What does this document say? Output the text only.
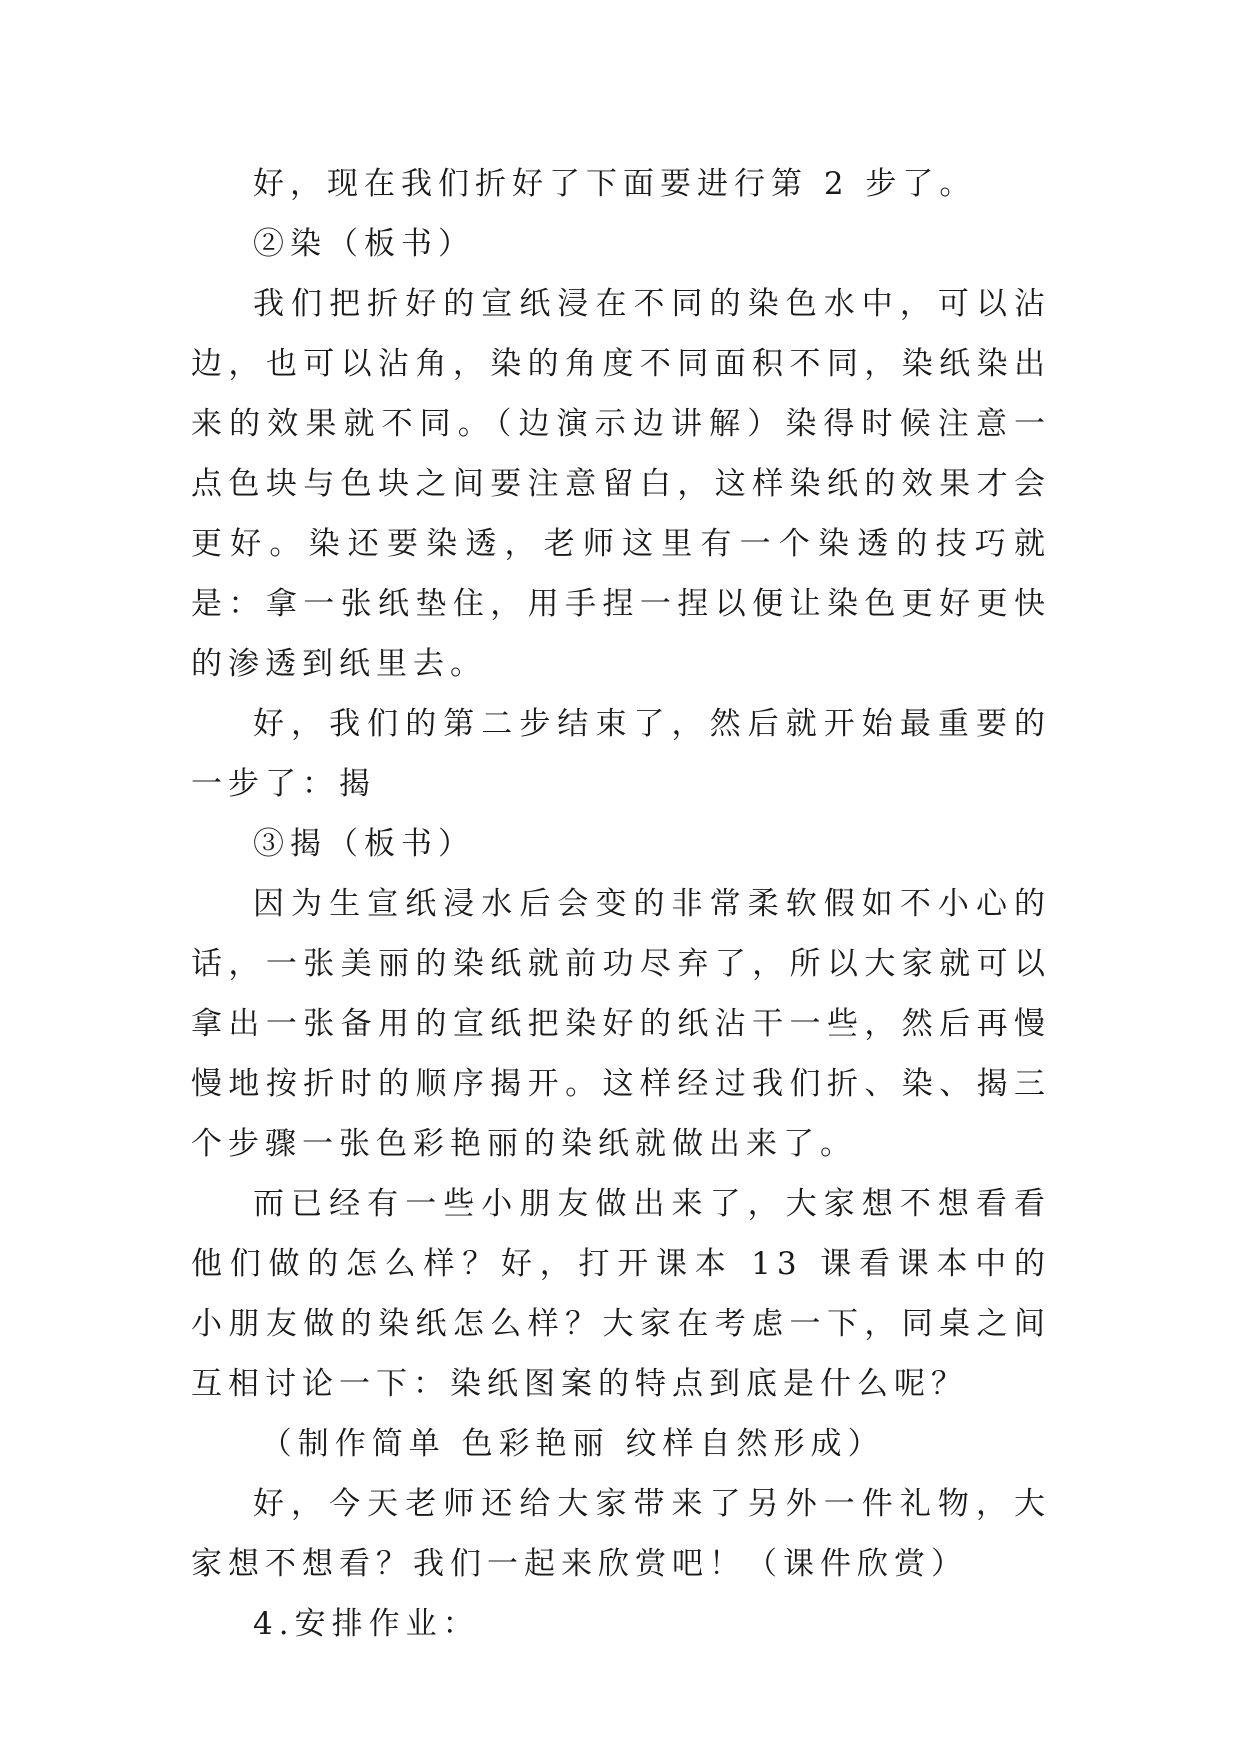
好，现在我们折好了下面要进行第 2 步了。

②染（板书）

我们把折好的宣纸浸在不同的染色水中，可以沾边，也可以沾角，染的角度不同面积不同，染纸染出来的效果就不同。（边演示边讲解）染得时候注意一点色块与色块之间要注意留白，这样染纸的效果才会更好。染还要染透，老师这里有一个染透的技巧就是：拿一张纸垫住，用手捏一捏以便让染色更好更快的渗透到纸里去。

好，我们的第二步结束了，然后就开始最重要的一步了：揭

③揭（板书）

因为生宣纸浸水后会变的非常柔软假如不小心的话，一张美丽的染纸就前功尽弃了，所以大家就可以拿出一张备用的宣纸把染好的纸沾干一些，然后再慢慢地按折时的顺序揭开。这样经过我们折、染、揭三个步骤一张色彩艳丽的染纸就做出来了。

而已经有一些小朋友做出来了，大家想不想看看他们做的怎么样？好，打开课本 13 课看课本中的小朋友做的染纸怎么样？大家在考虑一下，同桌之间互相讨论一下：染纸图案的特点到底是什么呢？

（制作简单 色彩艳丽 纹样自然形成）

好，今天老师还给大家带来了另外一件礼物，大家想不想看？我们一起来欣赏吧！（课件欣赏）

4.安排作业：
